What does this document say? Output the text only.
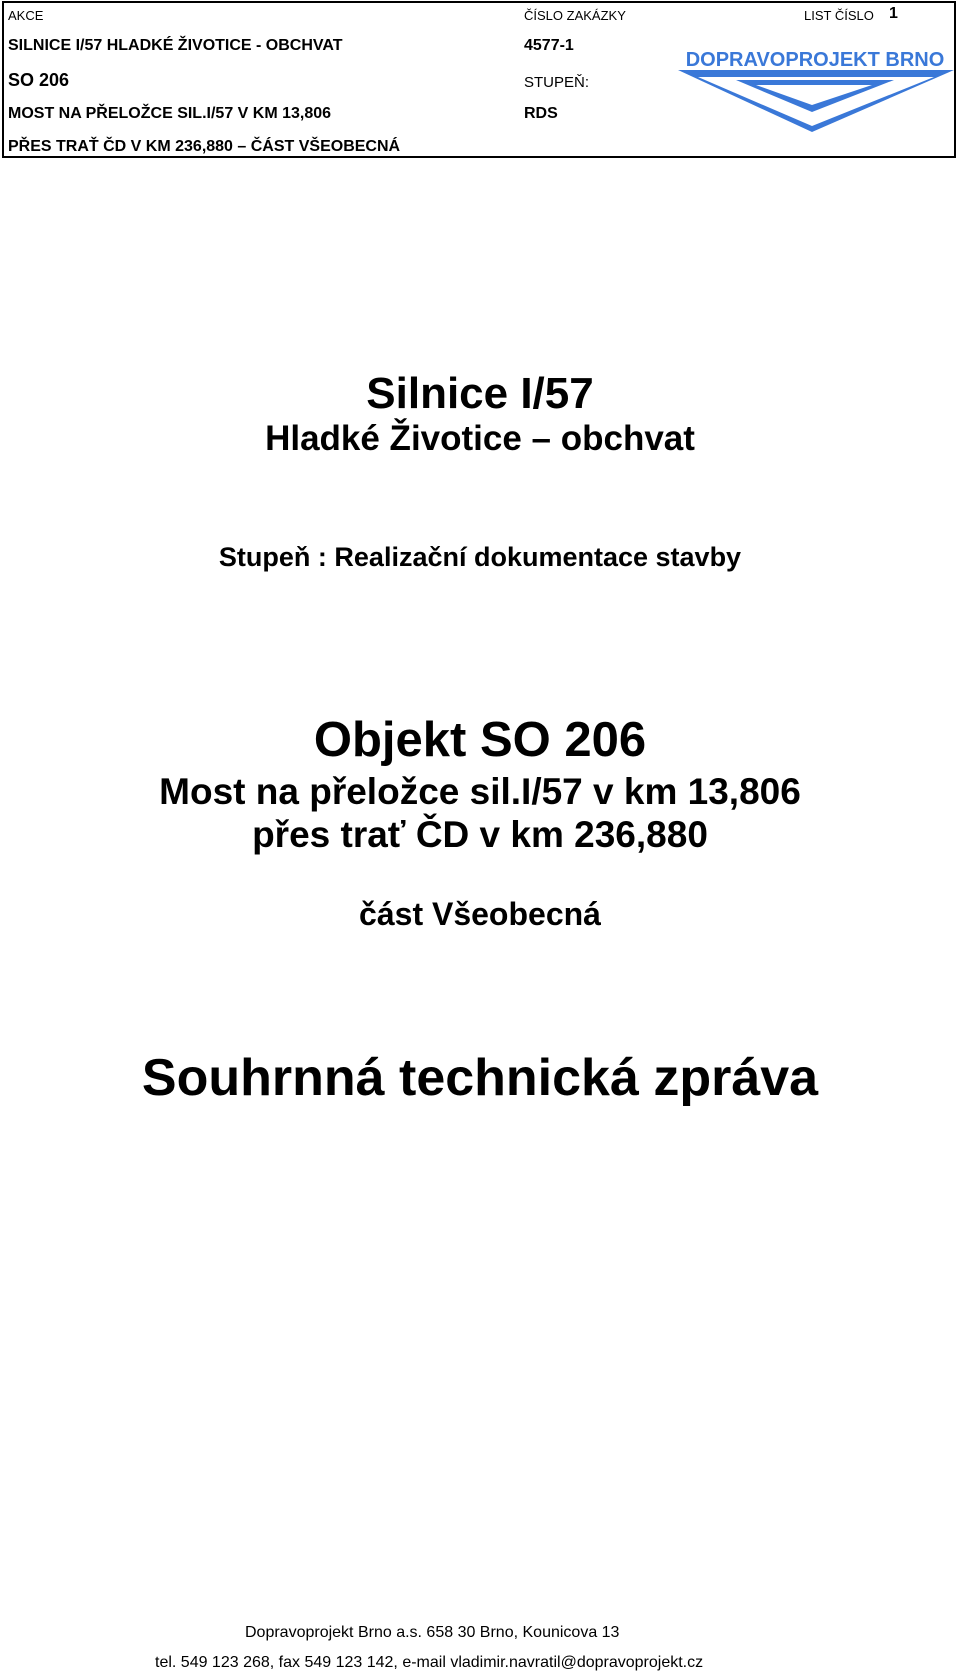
AKCE
SILNICE I/57 HLADKÉ ŽIVOTICE - OBCHVAT
SO 206
MOST NA PŘELOŽCE SIL.I/57 V KM 13,806
PŘES TRAŤ ČD V KM 236,880 – ČÁST VŠEOBECNÁ
ČÍSLO ZAKÁZKY
4577-1
STUPEŇ:
RDS
LIST ČÍSLO 1
DOPRAVOPROJEKT BRNO
Silnice I/57
Hladké Životice – obchvat
Stupeň : Realizační dokumentace stavby
Objekt SO 206
Most na přeložce sil.I/57 v km 13,806
přes trať ČD v km 236,880
část Všeobecná
Souhrnná technická zpráva
Dopravoprojekt Brno a.s. 658 30 Brno, Kounicova 13
tel. 549 123 268, fax 549 123 142, e-mail vladimir.navratil@dopravoprojekt.cz
